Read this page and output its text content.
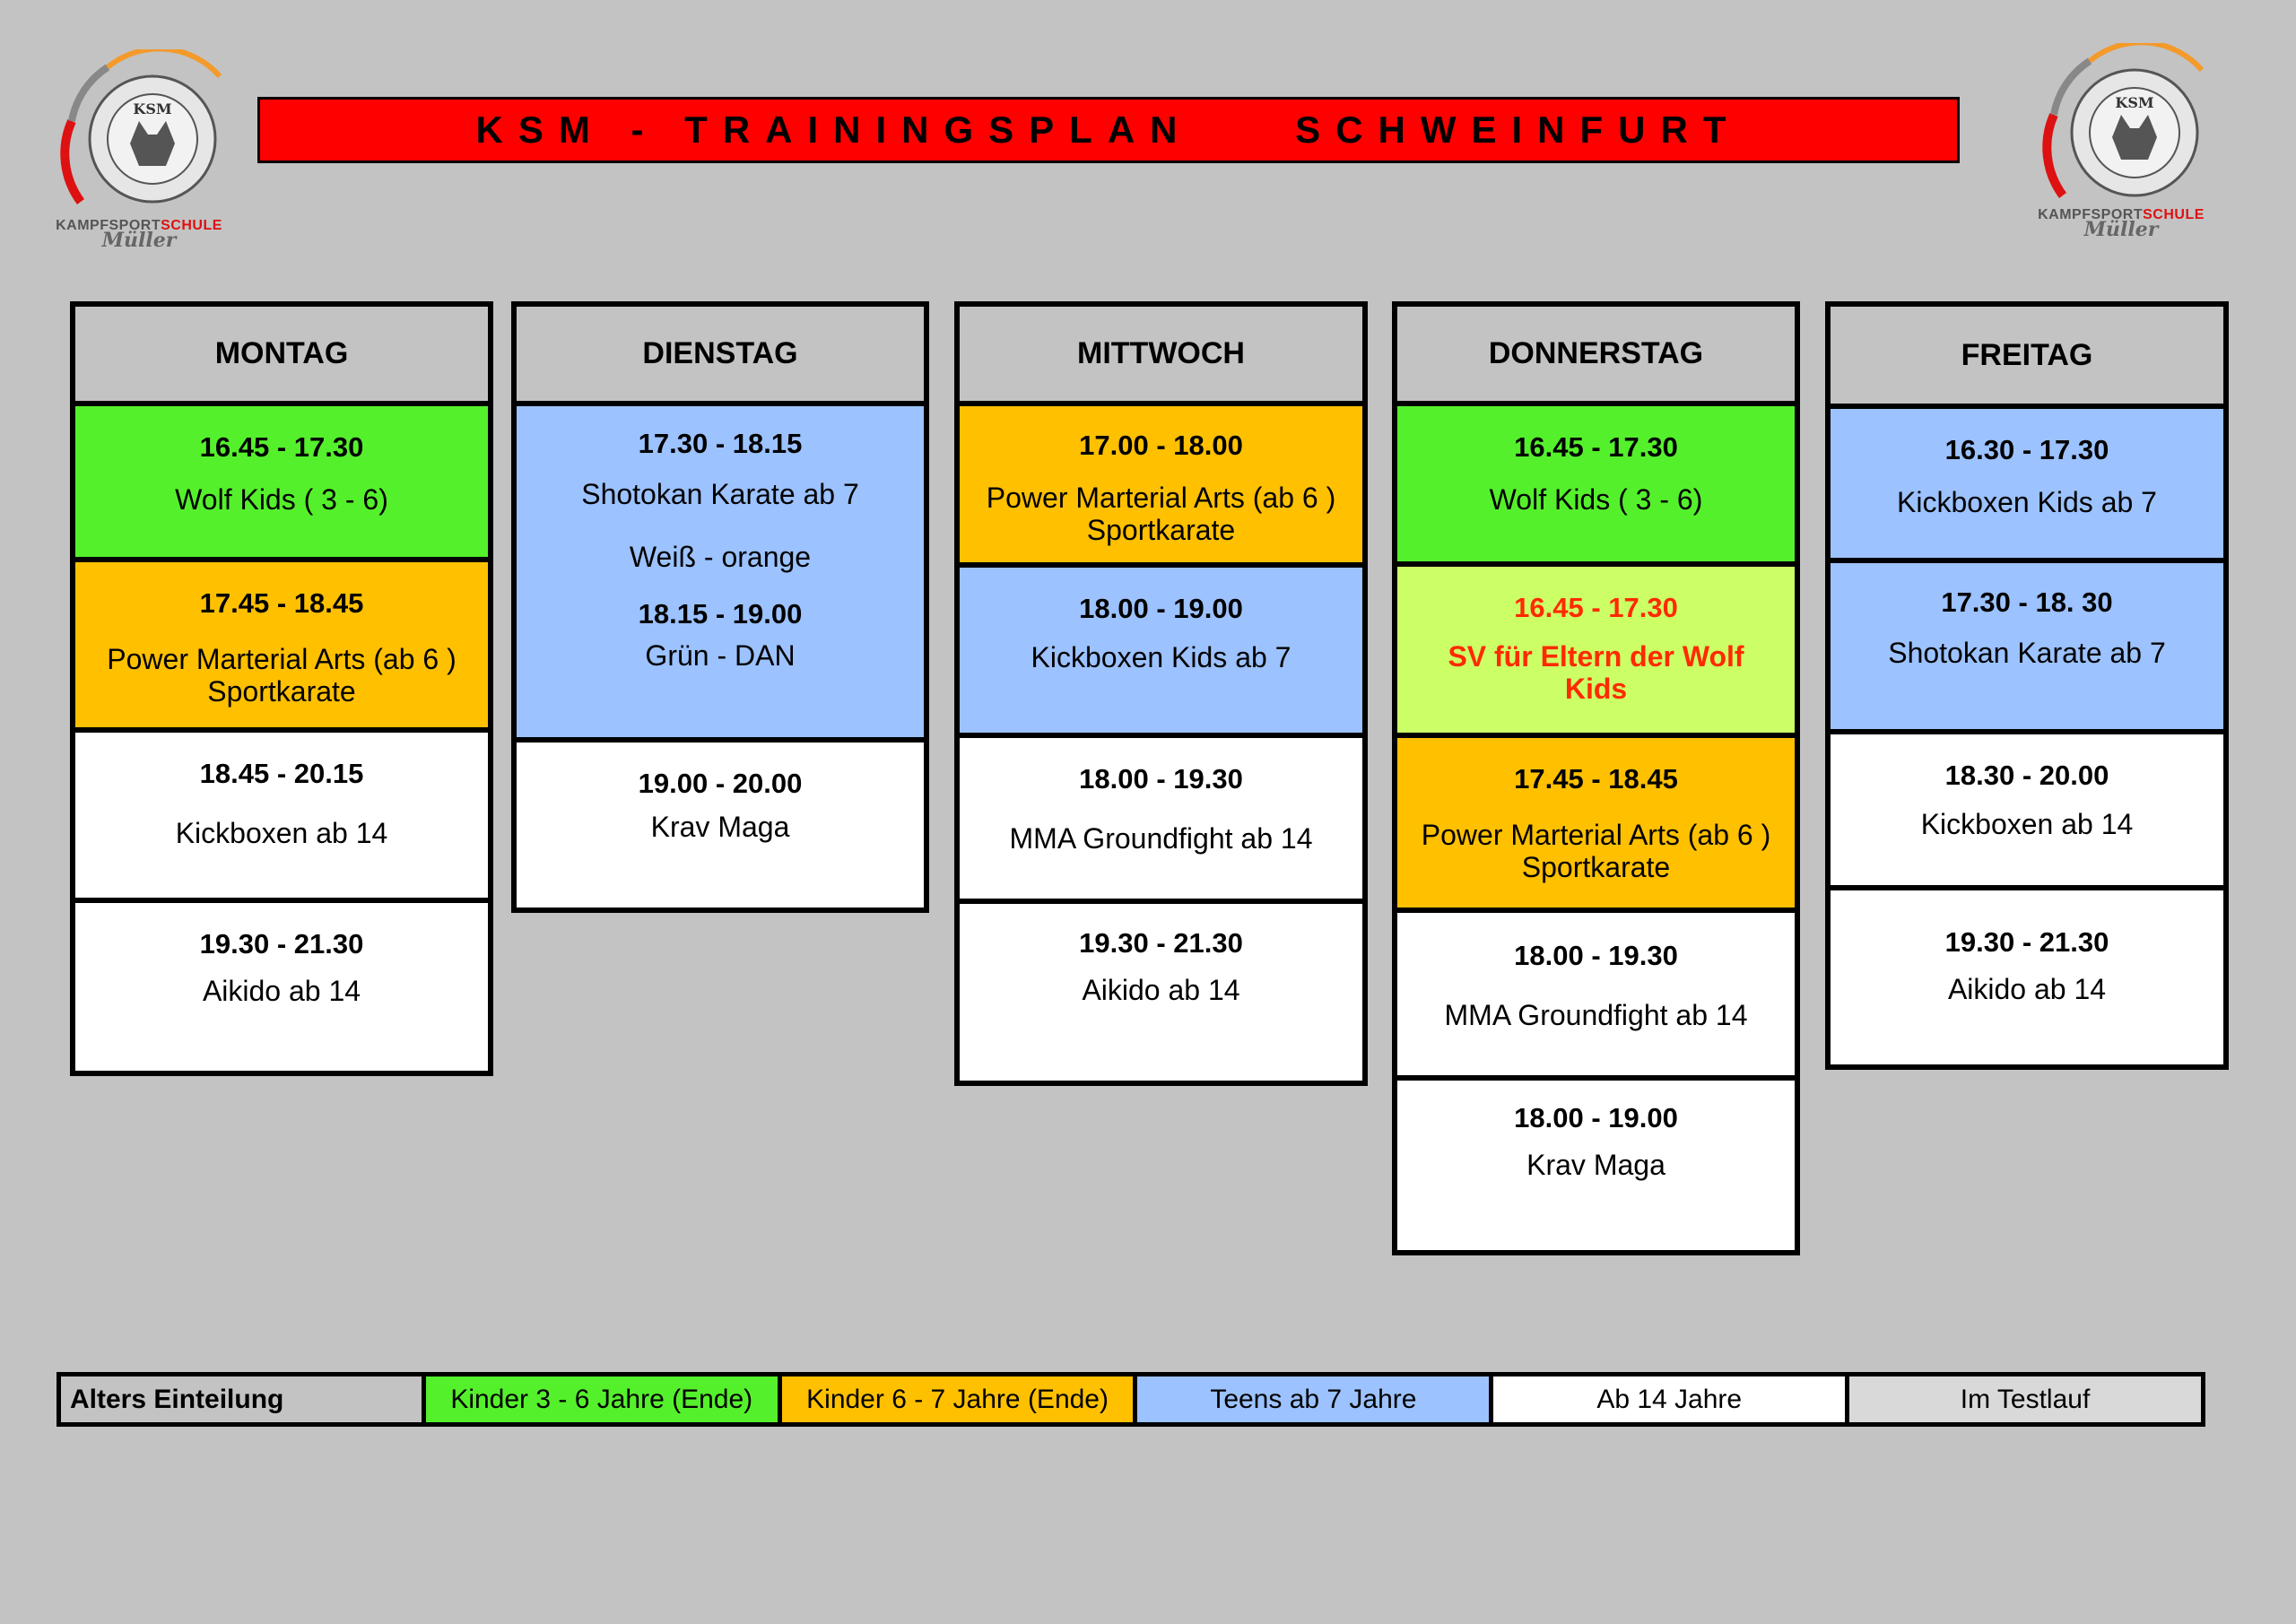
KSM
KAMPFSPORTSCHULE
Müller
KSM
KAMPFSPORTSCHULE
Müller
KSM - TRAININGSPLAN    SCHWEINFURT
MONTAG
16.45 - 17.30
Wolf Kids ( 3 - 6)
17.45 - 18.45
Power Marterial Arts (ab 6 )
Sportkarate
18.45 - 20.15
Kickboxen ab 14
19.30 - 21.30
Aikido ab 14
DIENSTAG
17.30 - 18.15
Shotokan Karate ab 7
Weiß - orange
18.15 - 19.00
Grün - DAN
19.00 - 20.00
Krav Maga
MITTWOCH
17.00 - 18.00
Power Marterial Arts (ab 6 )
Sportkarate
18.00 - 19.00
Kickboxen Kids ab 7
18.00 - 19.30
MMA Groundfight ab 14
19.30 - 21.30
Aikido ab 14
DONNERSTAG
16.45 - 17.30
Wolf Kids ( 3 - 6)
16.45 - 17.30
SV für Eltern der Wolf Kids
17.45 - 18.45
Power Marterial Arts (ab 6 )
Sportkarate
18.00 - 19.30
MMA Groundfight ab 14
18.00 - 19.00
Krav Maga
FREITAG
16.30 - 17.30
Kickboxen Kids ab 7
17.30 - 18. 30
Shotokan Karate ab 7
18.30 - 20.00
Kickboxen ab 14
19.30 - 21.30
Aikido ab 14
Alters Einteilung	Kinder 3 - 6 Jahre (Ende)	Kinder 6 - 7 Jahre (Ende)	Teens ab 7 Jahre	Ab 14 Jahre	Im Testlauf
